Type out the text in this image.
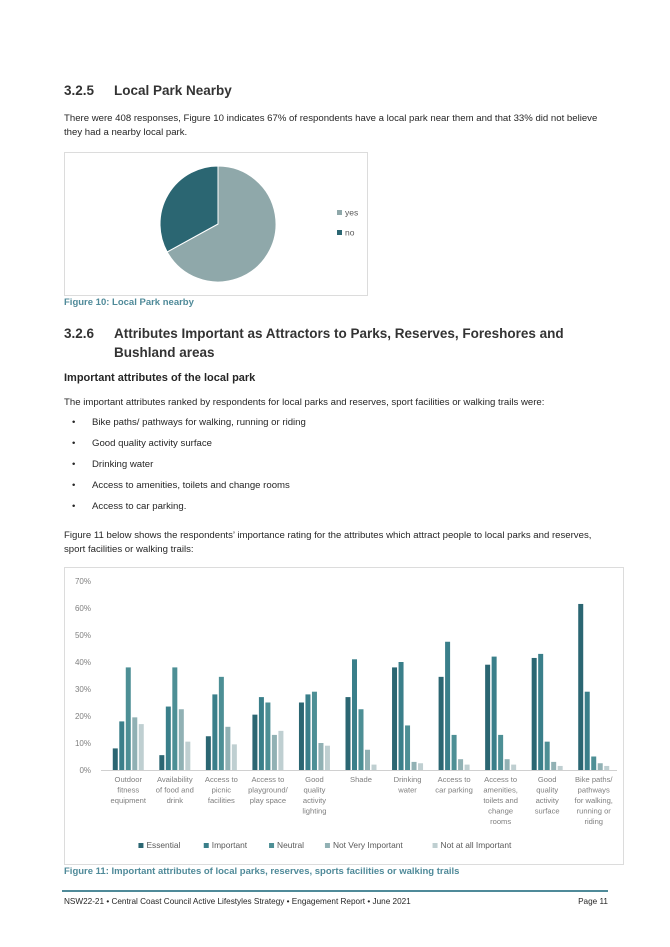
3.2.5 Local Park Nearby

There were 408 responses, Figure 10 indicates 67% of respondents have a local park near them and that 33% did not believe they had a nearby local park.

yes
no

Figure 10: Local Park nearby

3.2.6 Attributes Important as Attractors to Parks, Reserves, Foreshores and Bushland areas
Important attributes of the local park

The important attributes ranked by respondents for local parks and reserves, sport facilities or walking trails were:

• Bike paths/ pathways for walking, running or riding
• Good quality activity surface
• Drinking water
• Access to amenities, toilets and change rooms
• Access to car parking.

Figure 11 below shows the respondents’ importance rating for the attributes which attract people to local parks and reserves, sport facilities or walking trails:

0%
10%
20%
30%
40%
50%
60%
70%
Outdoor
fitness
equipment
Availability
of food and
drink
Access to
picnic
facilities
Access to
playground/
play space
Good
quality
activity
lighting
Shade	Drinking
water
Access to
car parking
Access to
amenities,
toilets and
change
rooms
Good
quality
activity
surface
Bike paths/
pathways
for walking,
running or
riding
Essential	Important	Neutral	Not Very Important	Not at all Important

Figure 11: Important attributes of local parks, reserves, sports facilities or walking trails

NSW22-21 • Central Coast Council Active Lifestyles Strategy • Engagement Report • June 2021	Page 11
